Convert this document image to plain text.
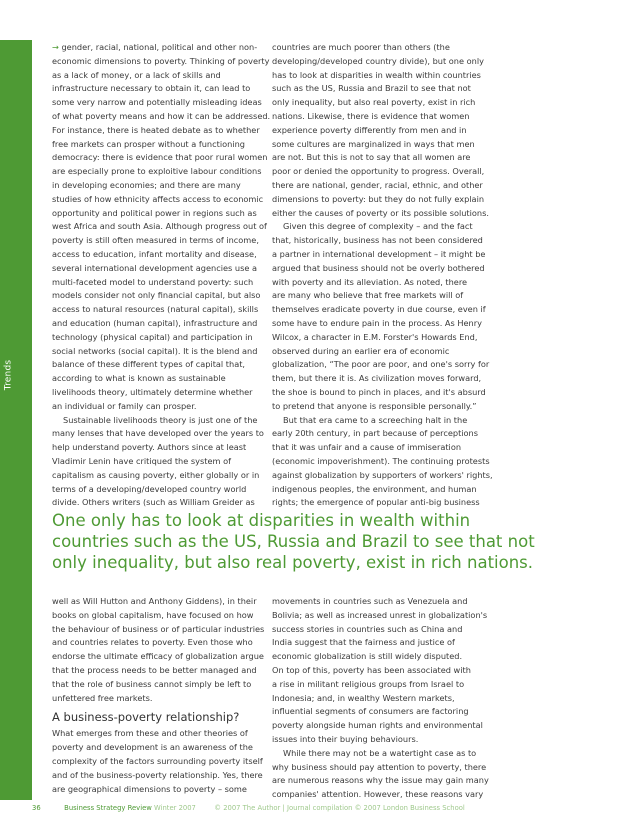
Trends

→ gender, racial, national, political and other non-

economic dimensions to poverty. Thinking of poverty

as a lack of money, or a lack of skills and

infrastructure necessary to obtain it, can lead to

some very narrow and potentially misleading ideas

of what poverty means and how it can be addressed.

For instance, there is heated debate as to whether

free markets can prosper without a functioning

democracy: there is evidence that poor rural women

are especially prone to exploitive labour conditions

in developing economies; and there are many

studies of how ethnicity affects access to economic

opportunity and political power in regions such as

west Africa and south Asia. Although progress out of

poverty is still often measured in terms of income,

access to education, infant mortality and disease,

several international development agencies use a

multi-faceted model to understand poverty: such

models consider not only financial capital, but also

access to natural resources (natural capital), skills

and education (human capital), infrastructure and

technology (physical capital) and participation in

social networks (social capital). It is the blend and

balance of these different types of capital that,

according to what is known as sustainable

livelihoods theory, ultimately determine whether

an individual or family can prosper.

Sustainable livelihoods theory is just one of the

many lenses that have developed over the years to

help understand poverty. Authors since at least

Vladimir Lenin have critiqued the system of

capitalism as causing poverty, either globally or in

terms of a developing/developed country world

divide. Others writers (such as William Greider as

countries are much poorer than others (the

developing/developed country divide), but one only

has to look at disparities in wealth within countries

such as the US, Russia and Brazil to see that not

only inequality, but also real poverty, exist in rich

nations. Likewise, there is evidence that women

experience poverty differently from men and in

some cultures are marginalized in ways that men

are not. But this is not to say that all women are

poor or denied the opportunity to progress. Overall,

there are national, gender, racial, ethnic, and other

dimensions to poverty: but they do not fully explain

either the causes of poverty or its possible solutions.

Given this degree of complexity – and the fact

that, historically, business has not been considered

a partner in international development – it might be

argued that business should not be overly bothered

with poverty and its alleviation. As noted, there

are many who believe that free markets will of

themselves eradicate poverty in due course, even if

some have to endure pain in the process. As Henry

Wilcox, a character in E.M. Forster's Howards End,

observed during an earlier era of economic

globalization, “The poor are poor, and one's sorry for

them, but there it is. As civilization moves forward,

the shoe is bound to pinch in places, and it's absurd

to pretend that anyone is responsible personally.”

But that era came to a screeching halt in the

early 20th century, in part because of perceptions

that it was unfair and a cause of immiseration

(economic impoverishment). The continuing protests

against globalization by supporters of workers' rights,

indigenous peoples, the environment, and human

rights; the emergence of popular anti-big business

One only has to look at disparities in wealth within
countries such as the US, Russia and Brazil to see that not
only inequality, but also real poverty, exist in rich nations.

well as Will Hutton and Anthony Giddens), in their

books on global capitalism, have focused on how

the behaviour of business or of particular industries

and countries relates to poverty. Even those who

endorse the ultimate efficacy of globalization argue

that the process needs to be better managed and

that the role of business cannot simply be left to

unfettered free markets.

A business-poverty relationship?

What emerges from these and other theories of

poverty and development is an awareness of the

complexity of the factors surrounding poverty itself

and of the business-poverty relationship. Yes, there

are geographical dimensions to poverty – some

movements in countries such as Venezuela and

Bolivia; as well as increased unrest in globalization's

success stories in countries such as China and

India suggest that the fairness and justice of

economic globalization is still widely disputed.

On top of this, poverty has been associated with

a rise in militant religious groups from Israel to

Indonesia; and, in wealthy Western markets,

influential segments of consumers are factoring

poverty alongside human rights and environmental

issues into their buying behaviours.

While there may not be a watertight case as to

why business should pay attention to poverty, there

are numerous reasons why the issue may gain many

companies' attention. However, these reasons vary

36	Business Strategy Review Winter 2007	© 2007 The Author | Journal compilation © 2007 London Business School
